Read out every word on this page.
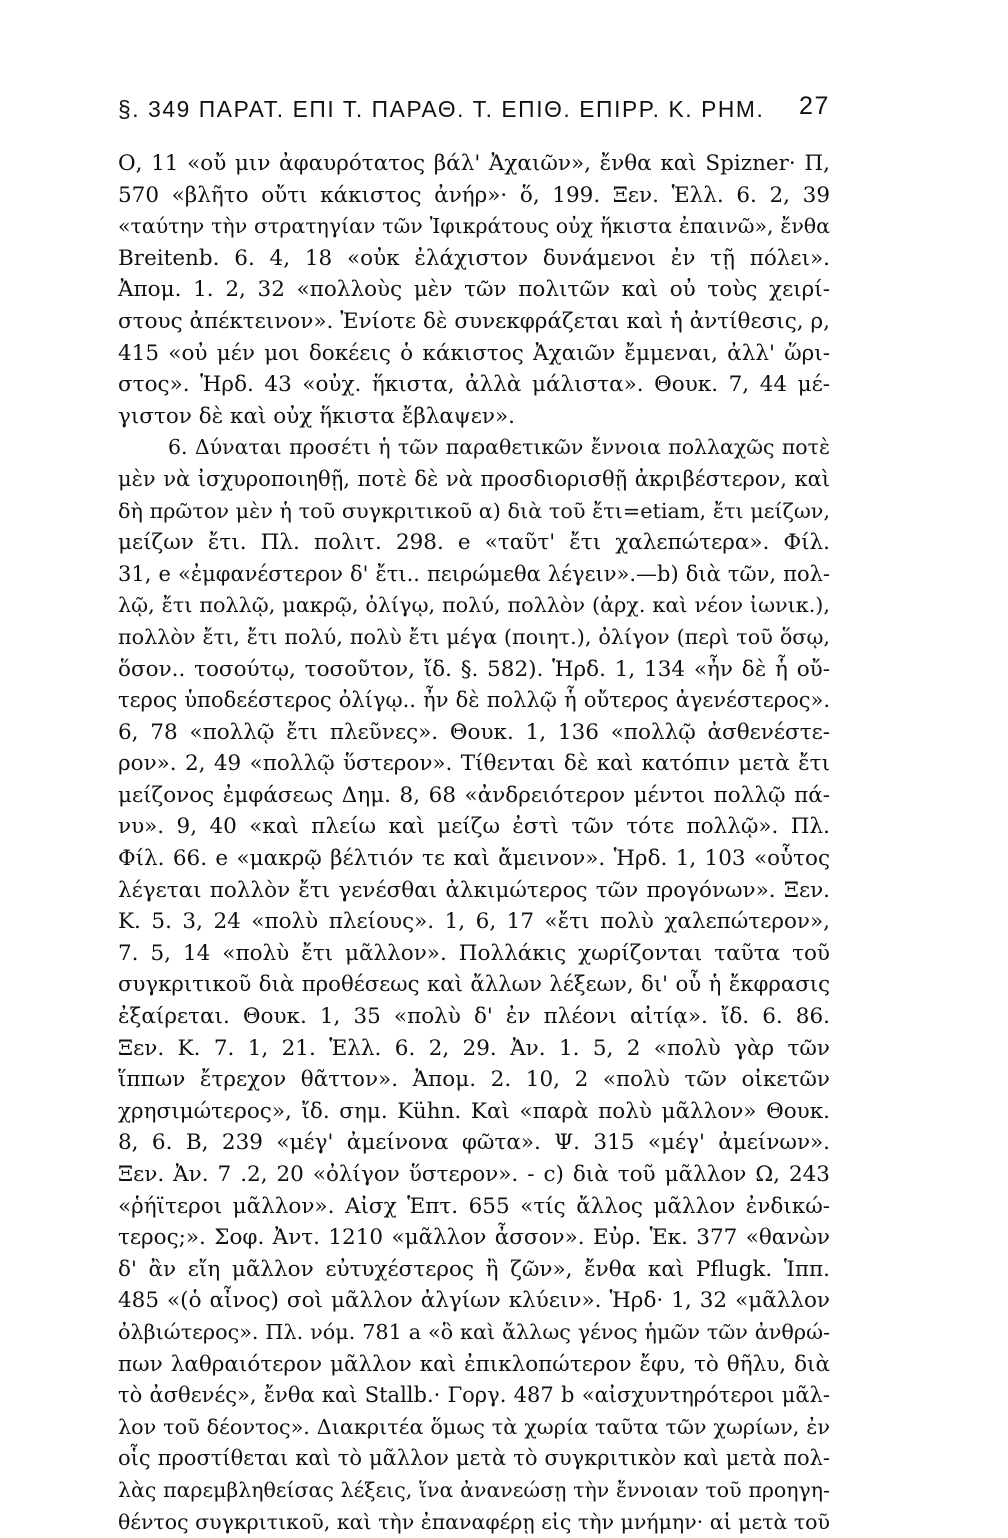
§. 349 ΠΑΡΑΤ. ΕΠΙ Τ. ΠΑΡΑΘ. Τ. ΕΠΙΘ. ΕΠΙΡΡ. Κ. ΡΗΜ. 27
Ο, 11 «οὔ μιν ἀφαυρότατος βάλ' Ἀχαιῶν», ἔνθα καὶ Spizner· Π,
570 «βλῆτο οὔτι κάκιστος ἀνήρ»· ὅ, 199. Ξεν. Ἑλλ. 6. 2, 39
«ταύτην τὴν στρατηγίαν τῶν Ἰφικράτους οὐχ ἥκιστα ἐπαινῶ», ἔνθα
Breitenb. 6. 4, 18 «οὐκ ἐλάχιστον δυνάμενοι ἐν τῇ πόλει».
Ἀπομ. 1. 2, 32 «πολλοὺς μὲν τῶν πολιτῶν καὶ οὐ τοὺς χειρί-
στους ἀπέκτεινον». Ἐνίοτε δὲ συνεκφράζεται καὶ ἡ ἀντίθεσις, ρ,
415 «οὐ μέν μοι δοκέεις ὁ κάκιστος Ἀχαιῶν ἔμμεναι, ἀλλ' ὥρι-
στος». Ἡρδ. 43 «οὐχ. ἥκιστα, ἀλλὰ μάλιστα». Θουκ. 7, 44 μέ-
γιστον δὲ καὶ οὐχ ἥκιστα ἔβλαψεν».
6. Δύναται προσέτι ἡ τῶν παραθετικῶν ἔννοια πολλαχῶς ποτὲ
μὲν νὰ ἰσχυροποιηθῇ, ποτὲ δὲ νὰ προσδιορισθῇ ἀκριβέστερον, καὶ
δὴ πρῶτον μὲν ἡ τοῦ συγκριτικοῦ α) διὰ τοῦ ἔτι=etiam, ἔτι μείζων,
μείζων ἔτι. Πλ. πολιτ. 298. e «ταῦτ' ἔτι χαλεπώτερα». Φίλ.
31, e «ἐμφανέστερον δ' ἔτι.. πειρώμεθα λέγειν».—b) διὰ τῶν, πολ-
λῷ, ἔτι πολλῷ, μακρῷ, ὀλίγῳ, πολύ, πολλὸν (ἀρχ. καὶ νέον ἰωνικ.),
πολλὸν ἔτι, ἔτι πολύ, πολὺ ἔτι μέγα (ποιητ.), ὀλίγον (περὶ τοῦ ὅσῳ,
ὅσον.. τοσούτῳ, τοσοῦτον, ἴδ. §. 582). Ἡρδ. 1, 134 «ἦν δὲ ἧ οὔ-
τερος ὑποδεέστερος ὀλίγῳ.. ἦν δὲ πολλῷ ἧ οὔτερος ἀγενέστερος».
6, 78 «πολλῷ ἔτι πλεῦνες». Θουκ. 1, 136 «πολλῷ ἀσθενέστε-
ρον». 2, 49 «πολλῷ ὕστερον». Τίθενται δὲ καὶ κατόπιν μετὰ ἔτι
μείζονος ἐμφάσεως Δημ. 8, 68 «ἀνδρειότερον μέντοι πολλῷ πά-
νυ». 9, 40 «καὶ πλείω καὶ μείζω ἐστὶ τῶν τότε πολλῷ». Πλ.
Φίλ. 66. e «μακρῷ βέλτιόν τε καὶ ἄμεινον». Ἡρδ. 1, 103 «οὗτος
λέγεται πολλὸν ἔτι γενέσθαι ἀλκιμώτερος τῶν προγόνων». Ξεν.
Κ. 5. 3, 24 «πολὺ πλείους». 1, 6, 17 «ἔτι πολὺ χαλεπώτερον»,
7. 5, 14 «πολὺ ἔτι μᾶλλον». Πολλάκις χωρίζονται ταῦτα τοῦ
συγκριτικοῦ διὰ προθέσεως καὶ ἄλλων λέξεων, δι' οὗ ἡ ἔκφρασις
ἐξαίρεται. Θουκ. 1, 35 «πολὺ δ' ἐν πλέονι αἰτίᾳ». ἴδ. 6. 86.
Ξεν. Κ. 7. 1, 21. Ἑλλ. 6. 2, 29. Ἀν. 1. 5, 2 «πολὺ γὰρ τῶν
ἵππων ἔτρεχον θᾶττον». Ἀπομ. 2. 10, 2 «πολὺ τῶν οἰκετῶν
χρησιμώτερος», ἴδ. σημ. Kühn. Καὶ «παρὰ πολὺ μᾶλλον» Θουκ.
8, 6. B, 239 «μέγ' ἀμείνονα φῶτα». Ψ. 315 «μέγ' ἀμείνων».
Ξεν. Ἀν. 7 .2, 20 «ὀλίγον ὕστερον». - c) διὰ τοῦ μᾶλλον Ω, 243
«ῥήϊτεροι μᾶλλον». Αἰσχ Ἑπτ. 655 «τίς ἄλλος μᾶλλον ἐνδικώ-
τερος;». Σοφ. Ἀντ. 1210 «μᾶλλον ἆσσον». Εὐρ. Ἑκ. 377 «θανὼν
δ' ἂν εἴη μᾶλλον εὐτυχέστερος ἢ ζῶν», ἔνθα καὶ Pflugk. Ἱππ.
485 «(ὁ αἶνος) σοὶ μᾶλλον ἀλγίων κλύειν». Ἡρδ· 1, 32 «μᾶλλον
ὀλβιώτερος». Πλ. νόμ. 781 a «ὃ καὶ ἄλλως γένος ἡμῶν τῶν ἀνθρώ-
πων λαθραιότερον μᾶλλον καὶ ἐπικλοπώτερον ἔφυ, τὸ θῆλυ, διὰ
τὸ ἀσθενές», ἔνθα καὶ Stallb.· Γοργ. 487 b «αἰσχυντηρότεροι μᾶλ-
λον τοῦ δέοντος». Διακριτέα ὅμως τὰ χωρία ταῦτα τῶν χωρίων, ἐν
οἷς προστίθεται καὶ τὸ μᾶλλον μετὰ τὸ συγκριτικὸν καὶ μετὰ πολ-
λὰς παρεμβληθείσας λέξεις, ἵνα ἀνανεώσῃ τὴν ἔννοιαν τοῦ προηγη-
θέντος συγκριτικοῦ, καὶ τὴν ἐπαναφέρῃ εἰς τὴν μνήμην· αἱ μετὰ τοῦ
